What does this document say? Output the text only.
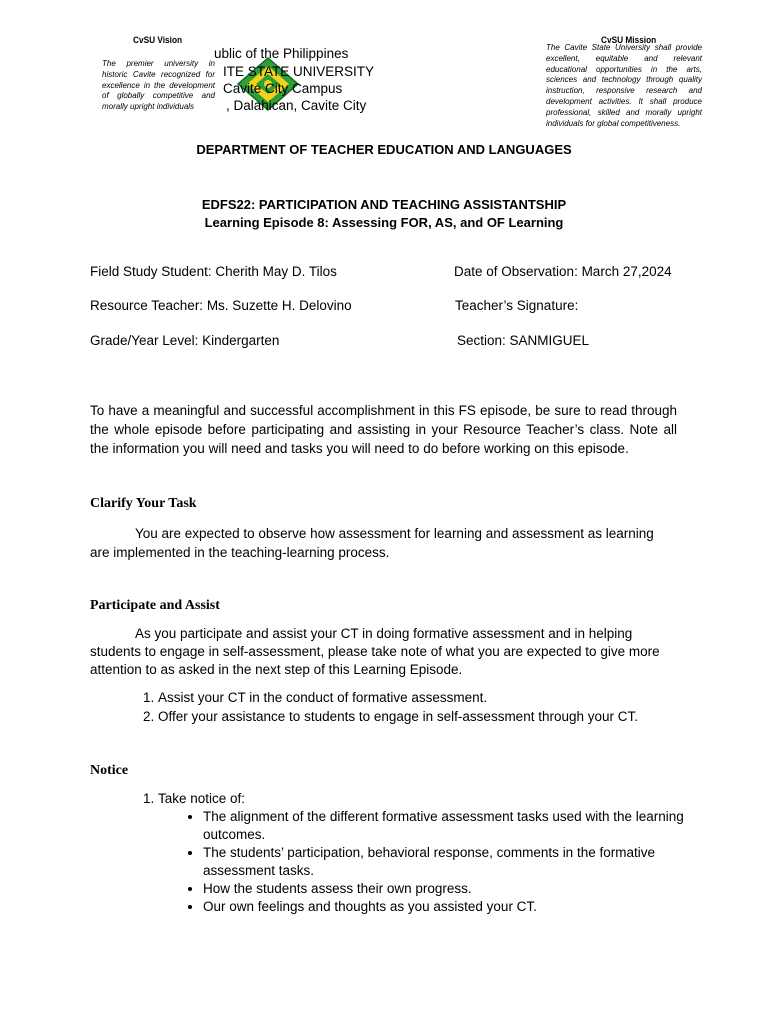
CvSU Vision
The premier university in historic Cavite recognized for excellence in the development of globally competitive and morally upright individuals
ublic of the Philippines
ITE STATE UNIVERSITY
Cavite City Campus
, Dalahican, Cavite City
CvSU Mission
The Cavite State University shall provide excellent, equitable and relevant educational opportunities in the arts, sciences and technology through quality instruction, responsive research and development activities. It shall produce professional, skilled and morally upright individuals for global competitiveness.
DEPARTMENT OF TEACHER EDUCATION AND LANGUAGES
EDFS22: PARTICIPATION AND TEACHING ASSISTANTSHIP
Learning Episode 8: Assessing FOR, AS, and OF Learning
Field Study Student: Cherith May D. Tilos	Date of Observation: March 27,2024
Resource Teacher: Ms. Suzette H. Delovino	Teacher’s Signature:
Grade/Year Level: Kindergarten	Section: SANMIGUEL
To have a meaningful and successful accomplishment in this FS episode, be sure to read through the whole episode before participating and assisting in your Resource Teacher’s class. Note all the information you will need and tasks you will need to do before working on this episode.
Clarify Your Task
You are expected to observe how assessment for learning and assessment as learning are implemented in the teaching-learning process.
Participate and Assist
As you participate and assist your CT in doing formative assessment and in helping students to engage in self-assessment, please take note of what you are expected to give more attention to as asked in the next step of this Learning Episode.
1. Assist your CT in the conduct of formative assessment.
2. Offer your assistance to students to engage in self-assessment through your CT.
Notice
1. Take notice of:
• The alignment of the different formative assessment tasks used with the learning outcomes.
• The students’ participation, behavioral response, comments in the formative assessment tasks.
• How the students assess their own progress.
• Our own feelings and thoughts as you assisted your CT.
